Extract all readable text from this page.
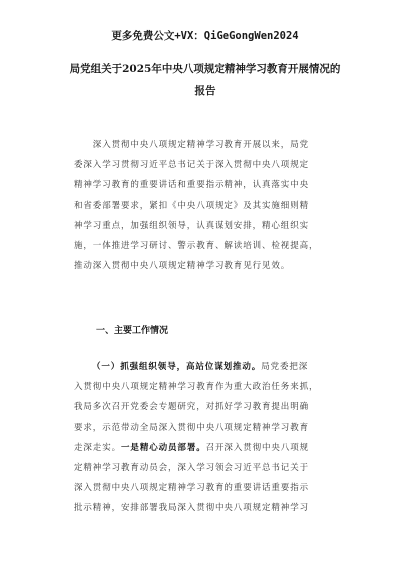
更多免费公文+VX：QiGeGongWen2024
局党组关于2025年中央八项规定精神学习教育开展情况的
报告
　　深入贯彻中央八项规定精神学习教育开展以来，局党
委深入学习贯彻习近平总书记关于深入贯彻中央八项规定
精神学习教育的重要讲话和重要指示精神，认真落实中央
和省委部署要求，紧扣《中央八项规定》及其实施细则精
神学习重点，加强组织领导，认真谋划安排，精心组织实
施，一体推进学习研讨、警示教育、解读培训、检视提高，
推动深入贯彻中央八项规定精神学习教育见行见效。
一、主要工作情况
（一）抓强组织领导，高站位谋划推动。局党委把深
入贯彻中央八项规定精神学习教育作为重大政治任务来抓，
我局多次召开党委会专题研究，对抓好学习教育提出明确
要求，示范带动全局深入贯彻中央八项规定精神学习教育
走深走实。一是精心动员部署。召开深入贯彻中央八项规
定精神学习教育动员会，深入学习领会习近平总书记关于
深入贯彻中央八项规定精神学习教育的重要讲话重要指示
批示精神，安排部署我局深入贯彻中央八项规定精神学习
